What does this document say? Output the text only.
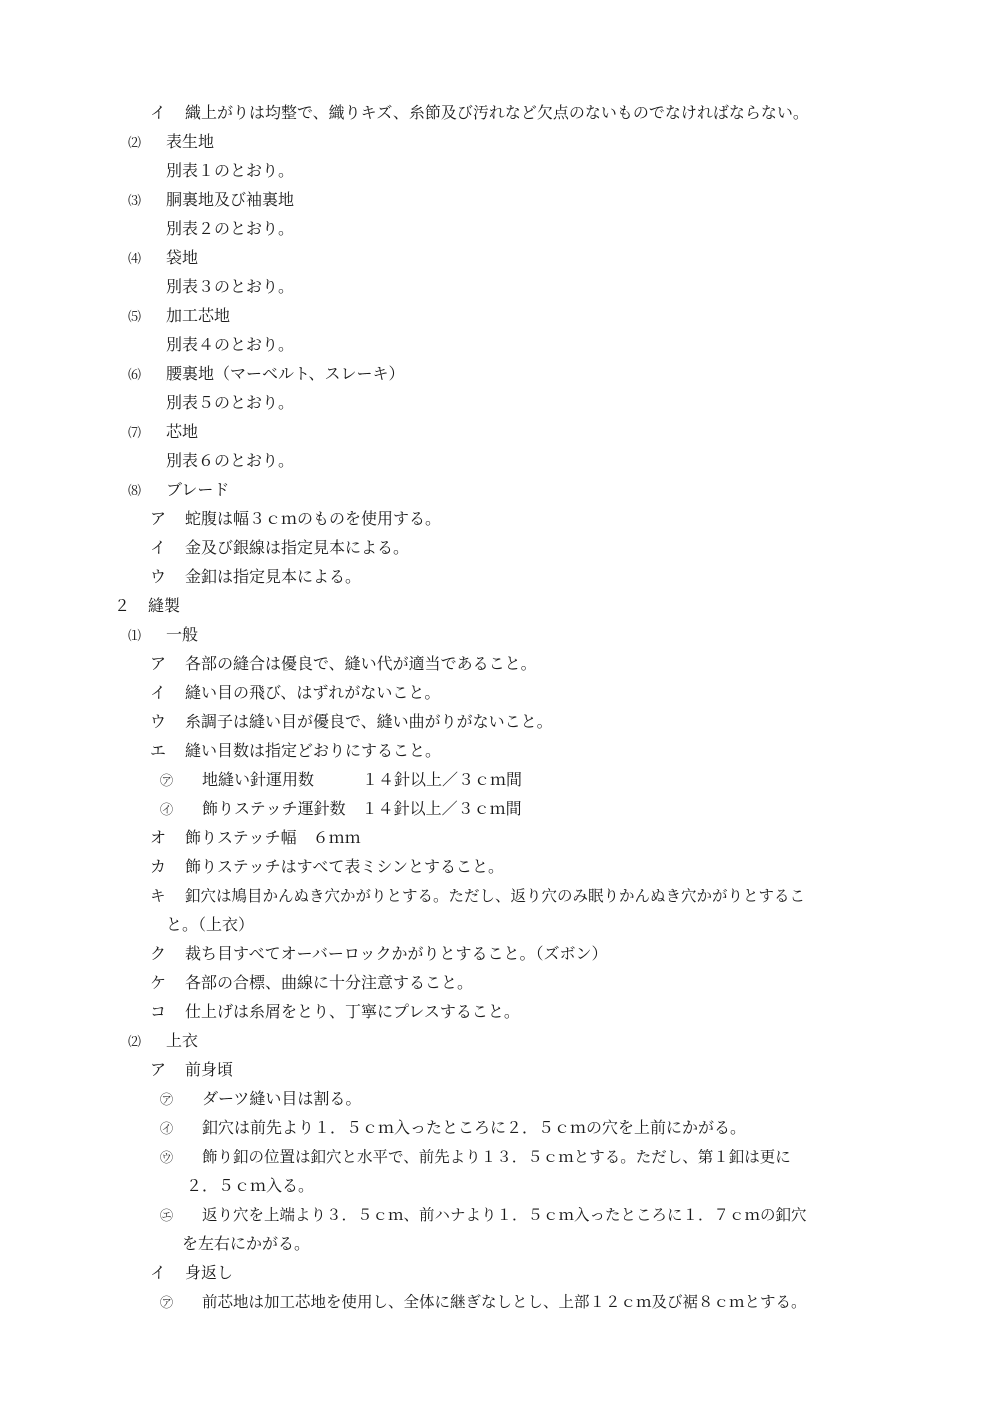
イ 織上がりは均整で、織りキズ、糸節及び汚れなど欠点のないものでなければならない。
⑵ 表生地
別表１のとおり。
⑶ 胴裏地及び袖裏地
別表２のとおり。
⑷ 袋地
別表３のとおり。
⑸ 加工芯地
別表４のとおり。
⑹ 腰裏地（マーベルト、スレーキ）
別表５のとおり。
⑺ 芯地
別表６のとおり。
⑻ ブレード
ア 蛇腹は幅３ｃｍのものを使用する。
イ 金及び銀線は指定見本による。
ウ 金釦は指定見本による。
２ 縫製
⑴ 一般
ア 各部の縫合は優良で、縫い代が適当であること。
イ 縫い目の飛び、はずれがないこと。
ウ 糸調子は縫い目が優良で、縫い曲がりがないこと。
エ 縫い目数は指定どおりにすること。
㋐ 地縫い針運用数　　　１４針以上／３ｃｍ間
㋑ 飾りステッチ運針数　１４針以上／３ｃｍ間
オ 飾りステッチ幅　６ｍｍ
カ 飾りステッチはすべて表ミシンとすること。
キ 釦穴は鳩目かんぬき穴かがりとする。ただし、返り穴のみ眠りかんぬき穴かがりとするこ
と。（上衣）
ク 裁ち目すべてオーバーロックかがりとすること。（ズボン）
ケ 各部の合標、曲線に十分注意すること。
コ 仕上げは糸屑をとり、丁寧にプレスすること。
⑵ 上衣
ア 前身頃
㋐ ダーツ縫い目は割る。
㋑ 釦穴は前先より１．５ｃｍ入ったところに２．５ｃｍの穴を上前にかがる。
㋒ 飾り釦の位置は釦穴と水平で、前先より１３．５ｃｍとする。ただし、第１釦は更に
２．５ｃｍ入る。
㋓ 返り穴を上端より３．５ｃｍ、前ハナより１．５ｃｍ入ったところに１．７ｃｍの釦穴
を左右にかがる。
イ 身返し
㋐ 前芯地は加工芯地を使用し、全体に継ぎなしとし、上部１２ｃｍ及び裾８ｃｍとする。
